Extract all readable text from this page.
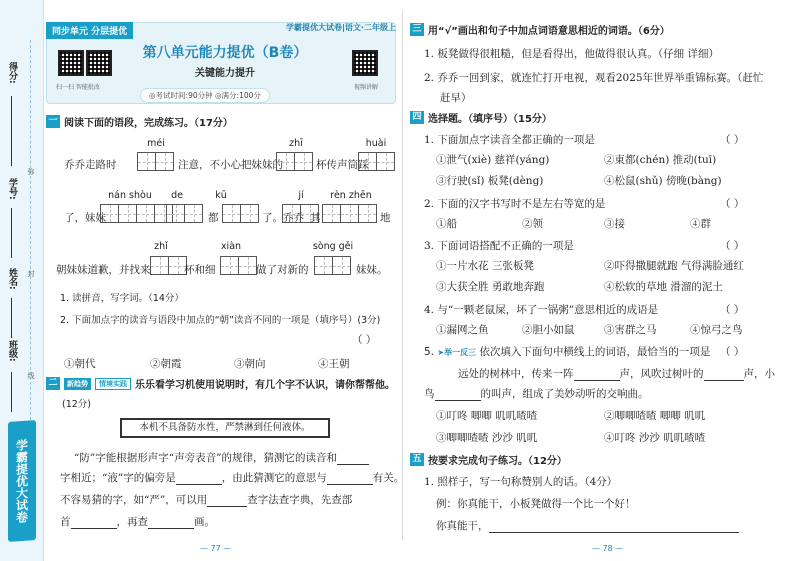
得分:
学号:
姓名:
班级:
弥
封
线
学霸提优大试卷
同步单元 分层提优	学霸提优大试卷|语文·二年级上
扫一扫 智能批改	视频讲解
第八单元能力提优（B卷）
关键能力提升
◎考试时间:90分钟 ◎满分:100分
一 阅读下面的语段，完成练习。（17分）
méi	zhī	huài
乔乔走路时	注意，不小心把妹妹的	杯传声筒踩
nán shòu	de	kū	jí	rèn zhēn
了，妹妹	都	了。乔乔 其	地
zhǐ	xiàn	sòng gěi
朝妹妹道歉，并找来	杯和细	做了对新的	妹妹。
1. 读拼音，写字词。（14分）
2. 下面加点字的读音与语段中加点的“朝”读音不同的一项是（填序号）(3分)
（ ）
①朝代	②朝霞	③朝向	④王朝
二	新趋势	情境实践 乐乐看学习机使用说明时，有几个字不认识，请你帮帮他。
(12分)
本机不具备防水性，严禁淋到任何液体。
“防”字能根据形声字“声旁表音”的规律，猜测它的读音和
字相近；“液”字的偏旁是	，由此猜测它的意思与	有关。
不容易猜的字，如“严”，可以用	查字法查字典，先查部
首	，再查	画。
— 77 —
三 用“√”画出和句子中加点词语意思相近的词语。（6分）
1. 板凳做得很粗糙，但是看得出，他做得很认真。（仔细 详细）
2. 乔乔一回到家，就连忙打开电视，观看2025年世界举重锦标赛。（赶忙
赶早）
四 选择题。（填序号）（15分）
1. 下面加点字读音全都正确的一项是	（ ）
①泄气(xiè) 慈祥(yáng)	②東都(chén) 推动(tuī)
③行驶(sǐ) 板凳(dèng)	④松鼠(shǔ) 傍晚(bàng)
2. 下面的汉字书写时不是左右等宽的是	（ ）
①船	②领	③接	④群
3. 下面词语搭配不正确的一项是	（ ）
①一片水花 三张板凳	②吓得撒腿就跑 气得满脸通红
③大获全胜 勇敢地奔跑	④松软的草地 滑溜的泥土
4. 与“一颗老鼠屎，坏了一锅粥”意思相近的成语是	（ ）
①漏网之鱼	②胆小如鼠	③害群之马	④惊弓之鸟
5. ➤举一反三 依次填入下面句中横线上的词语，最恰当的一项是 （ ）
远处的树林中，传来一阵	声，风吹过树叶的	声，小
鸟	的叫声，组成了美妙动听的交响曲。
①叮咚 唧唧 叽叽喳喳	②唧唧喳喳 唧唧 叽叽
③唧唧喳喳 沙沙 叽叽	④叮咚 沙沙 叽叽喳喳
五 按要求完成句子练习。（12分）
1. 照样子，写一句称赞别人的话。（4分）
例：你真能干，小板凳做得一个比一个好！
你真能干，
— 78 —
